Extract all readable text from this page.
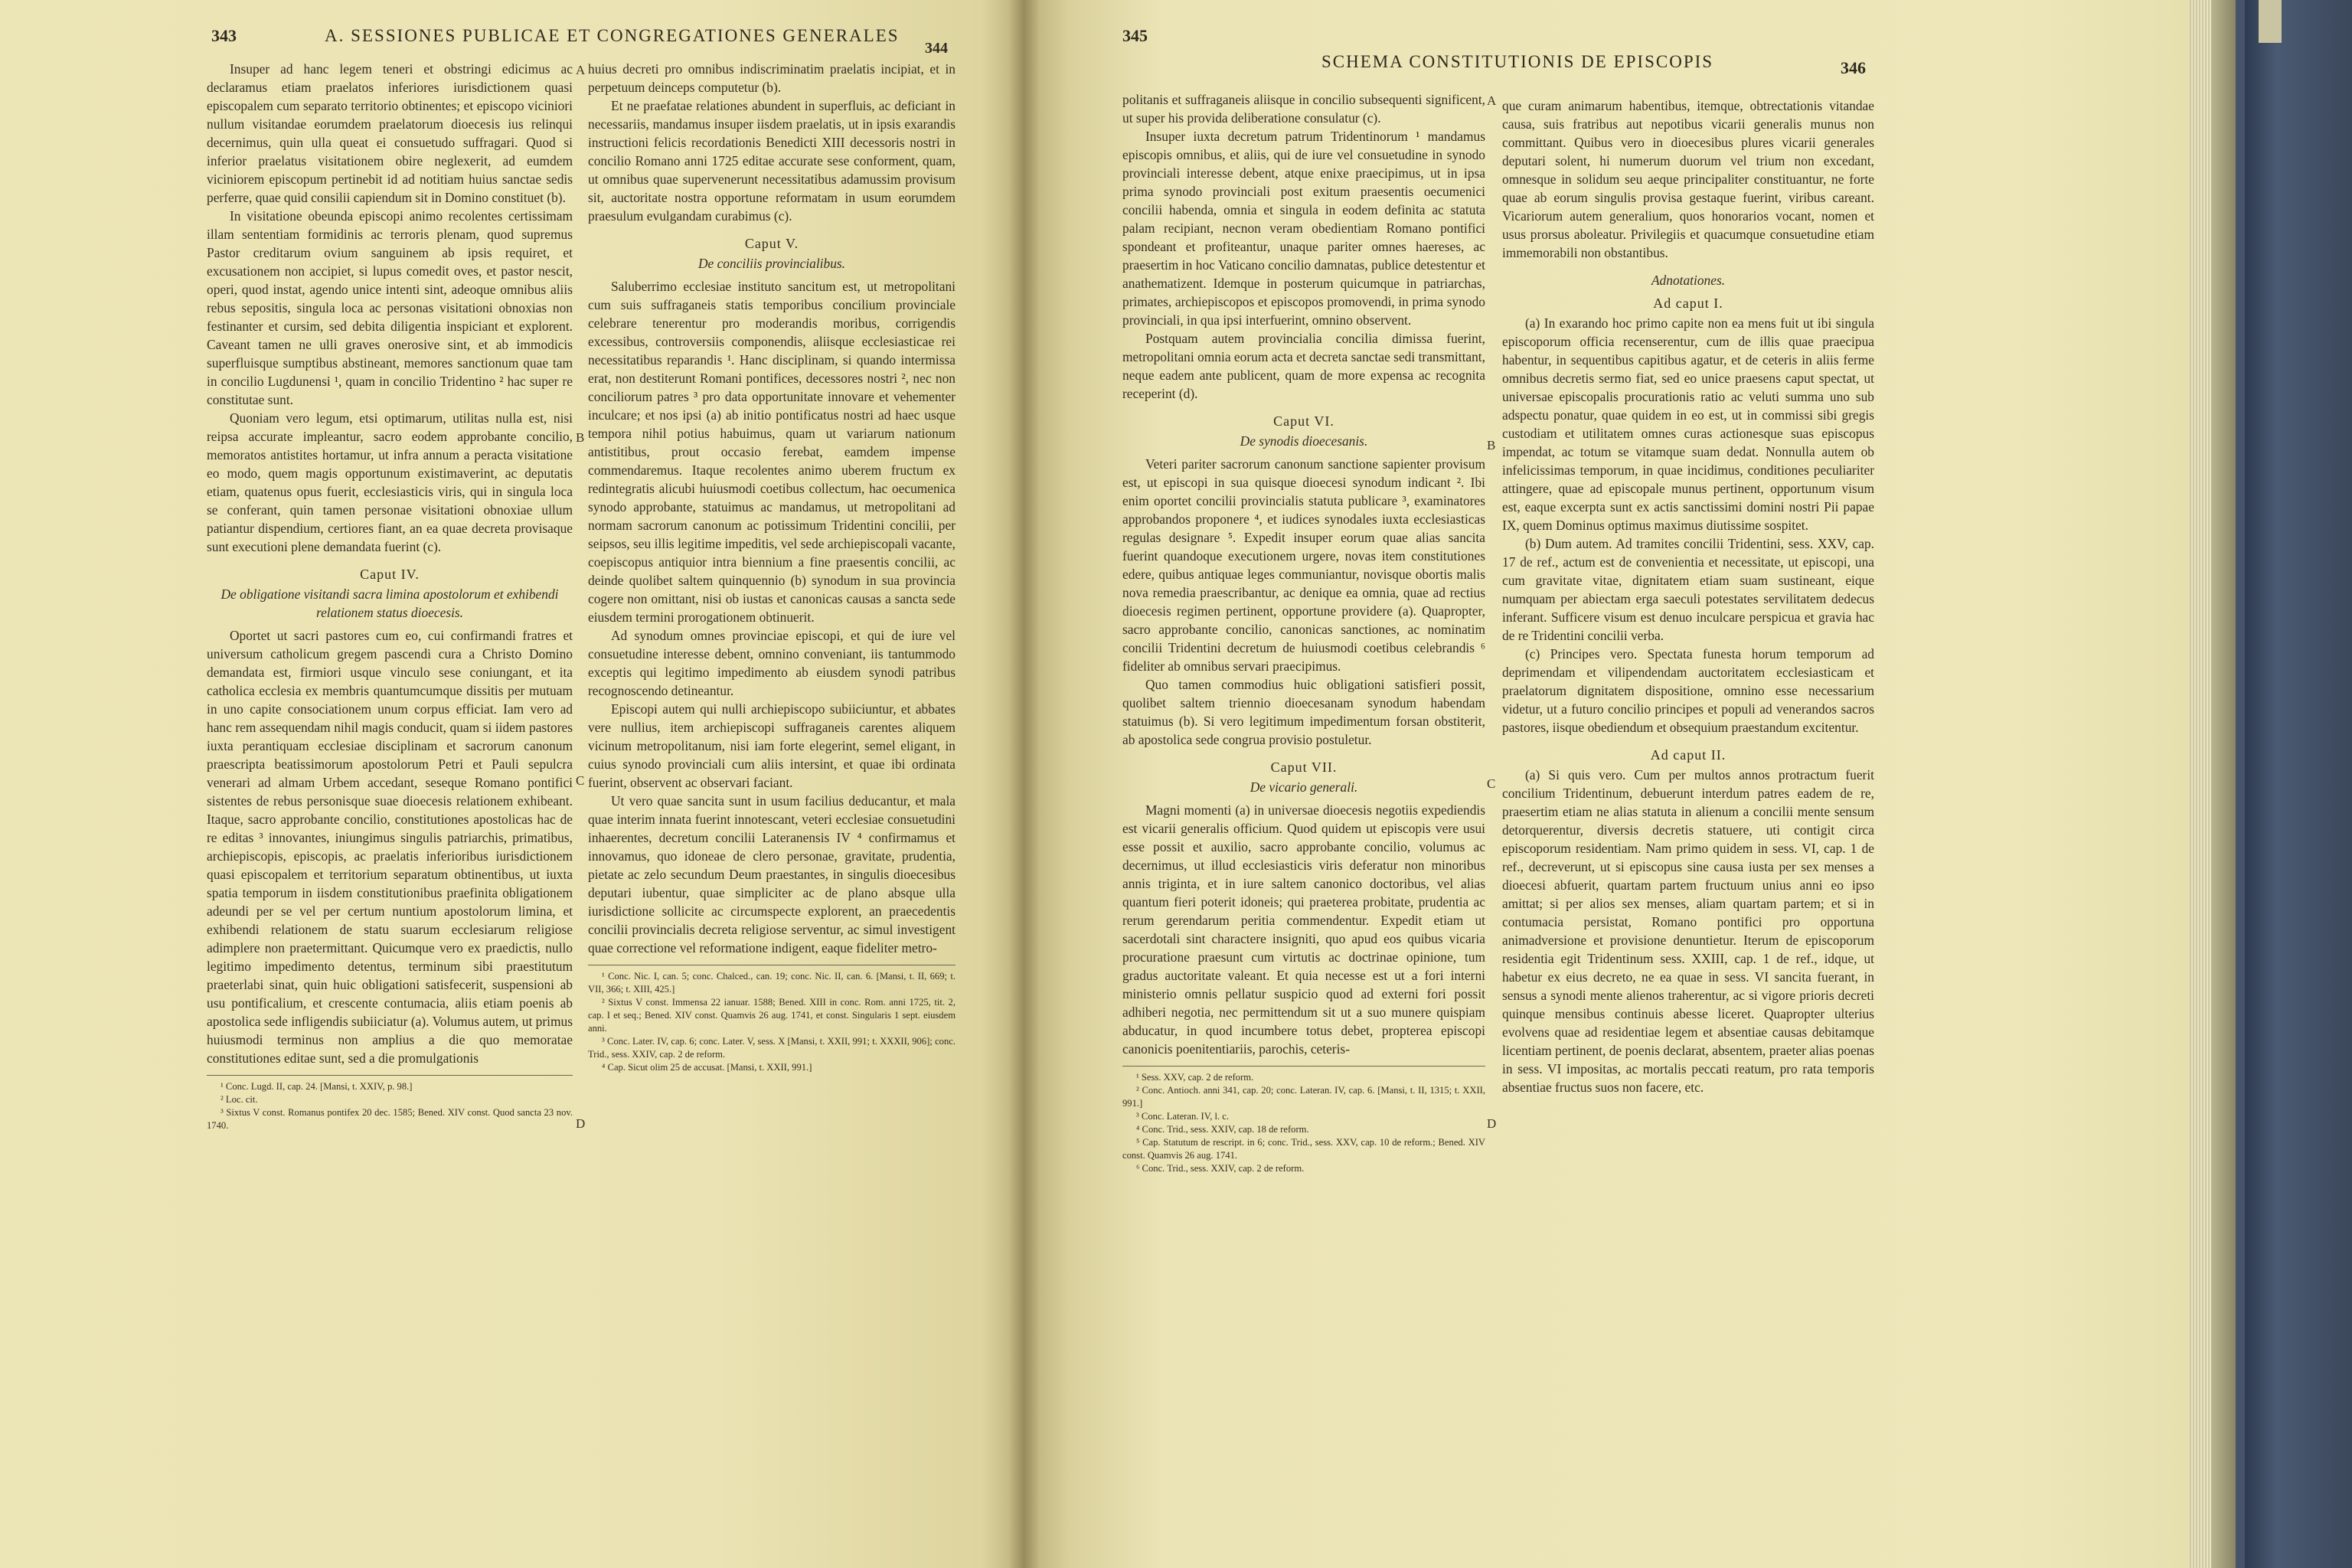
343	A. SESSIONES PUBLICAE ET CONGREGATIONES GENERALES
344

Insuper ad hanc legem teneri et obstringi edicimus ac declaramus etiam praelatos inferiores iurisdictionem quasi episcopalem cum separato territorio obtinentes; et episcopo viciniori nullum visitandae eorumdem praelatorum dioecesis ius relinqui decernimus, quin ulla queat ei consuetudo suffragari. Quod si inferior praelatus visitationem obire neglexerit, ad eumdem viciniorem episcopum pertinebit id ad notitiam huius sanctae sedis perferre, quae quid consilii capiendum sit in Domino constituet (b).

In visitatione obeunda episcopi animo recolentes certissimam illam sententiam formidinis ac terroris plenam, quod supremus Pastor creditarum ovium sanguinem ab ipsis requiret, et excusationem non accipiet, si lupus comedit oves, et pastor nescit, operi, quod instat, agendo unice intenti sint, adeoque omnibus aliis rebus sepositis, singula loca ac personas visitationi obnoxias non festinanter et cursim, sed debita diligentia inspiciant et explorent. Caveant tamen ne ulli graves onerosive sint, et ab immodicis superfluisque sumptibus abstineant, memores sanctionum quae tam in concilio Lugdunensi ¹, quam in concilio Tridentino ² hac super re constitutae sunt.

Quoniam vero legum, etsi optimarum, utilitas nulla est, nisi reipsa accurate impleantur, sacro eodem approbante concilio, memoratos antistites hortamur, ut infra annum a peracta visitatione eo modo, quem magis opportunum existimaverint, ac deputatis etiam, quatenus opus fuerit, ecclesiasticis viris, qui in singula loca se conferant, quin tamen personae visitationi obnoxiae ullum patiantur dispendium, certiores fiant, an ea quae decreta provisaque sunt executioni plene demandata fuerint (c).

Caput IV.
De obligatione visitandi sacra limina apostolorum et exhibendi relationem status dioecesis.

Oportet ut sacri pastores cum eo, cui confirmandi fratres et universum catholicum gregem pascendi cura a Christo Domino demandata est, firmiori usque vinculo sese coniungant, et ita catholica ecclesia ex membris quantumcumque dissitis per mutuam in uno capite consociationem unum corpus efficiat. Iam vero ad hanc rem assequendam nihil magis conducit, quam si iidem pastores iuxta perantiquam ecclesiae disciplinam et sacrorum canonum praescripta beatissimorum apostolorum Petri et Pauli sepulcra venerari ad almam Urbem accedant, seseque Romano pontifici sistentes de rebus personisque suae dioecesis relationem exhibeant. Itaque, sacro approbante concilio, constitutiones apostolicas hac de re editas ³ innovantes, iniungimus singulis patriarchis, primatibus, archiepiscopis, episcopis, ac praelatis inferioribus iurisdictionem quasi episcopalem et territorium separatum obtinentibus, ut iuxta spatia temporum in iisdem constitutionibus praefinita obligationem adeundi per se vel per certum nuntium apostolorum limina, et exhibendi relationem de statu suarum ecclesiarum religiose adimplere non praetermittant. Quicumque vero ex praedictis, nullo legitimo impedimento detentus, terminum sibi praestitutum praeterlabi sinat, quin huic obligationi satisfecerit, suspensioni ab usu pontificalium, et crescente contumacia, aliis etiam poenis ab apostolica sede infligendis subiiciatur (a). Volumus autem, ut primus huiusmodi terminus non amplius a die quo memoratae constitutiones editae sunt, sed a die promulgationis

¹ Conc. Lugd. II, cap. 24. [Mansi, t. XXIV, p. 98.]
² Loc. cit.
³ Sixtus V const. Romanus pontifex 20 dec. 1585; Bened. XIV const. Quod sancta 23 nov. 1740.

huius decreti pro omnibus indiscriminatim praelatis incipiat, et in perpetuum deinceps computetur (b).

Et ne praefatae relationes abundent in superfluis, ac deficiant in necessariis, mandamus insuper iisdem praelatis, ut in ipsis exarandis instructioni felicis recordationis Benedicti XIII decessoris nostri in concilio Romano anni 1725 editae accurate sese conforment, quam, ut omnibus quae supervenerunt necessitatibus adamussim provisum sit, auctoritate nostra opportune reformatam in usum eorumdem praesulum evulgandam curabimus (c).

Caput V.
De conciliis provincialibus.

Saluberrimo ecclesiae instituto sancitum est, ut metropolitani cum suis suffraganeis statis temporibus concilium provinciale celebrare tenerentur pro moderandis moribus, corrigendis excessibus, controversiis componendis, aliisque ecclesiasticae rei necessitatibus reparandis ¹. Hanc disciplinam, si quando intermissa erat, non destiterunt Romani pontifices, decessores nostri ², nec non conciliorum patres ³ pro data opportunitate innovare et vehementer inculcare; et nos ipsi (a) ab initio pontificatus nostri ad haec usque tempora nihil potius habuimus, quam ut variarum nationum antistitibus, prout occasio ferebat, eamdem impense commendaremus. Itaque recolentes animo uberem fructum ex redintegratis alicubi huiusmodi coetibus collectum, hac oecumenica synodo approbante, statuimus ac mandamus, ut metropolitani ad normam sacrorum canonum ac potissimum Tridentini concilii, per seipsos, seu illis legitime impeditis, vel sede archiepiscopali vacante, coepiscopus antiquior intra biennium a fine praesentis concilii, ac deinde quolibet saltem quinquennio (b) synodum in sua provincia cogere non omittant, nisi ob iustas et canonicas causas a sancta sede eiusdem termini prorogationem obtinuerit.

Ad synodum omnes provinciae episcopi, et qui de iure vel consuetudine interesse debent, omnino conveniant, iis tantummodo exceptis qui legitimo impedimento ab eiusdem synodi patribus recognoscendo detineantur.

Episcopi autem qui nulli archiepiscopo subiiciuntur, et abbates vere nullius, item archiepiscopi suffraganeis carentes aliquem vicinum metropolitanum, nisi iam forte elegerint, semel eligant, in cuius synodo provinciali cum aliis intersint, et quae ibi ordinata fuerint, observent ac observari faciant.

Ut vero quae sancita sunt in usum facilius deducantur, et mala quae interim innata fuerint innotescant, veteri ecclesiae consuetudini inhaerentes, decretum concilii Lateranensis IV ⁴ confirmamus et innovamus, quo idoneae de clero personae, gravitate, prudentia, pietate ac zelo secundum Deum praestantes, in singulis dioecesibus deputari iubentur, quae simpliciter ac de plano absque ulla iurisdictione sollicite ac circumspecte explorent, an praecedentis concilii provincialis decreta religiose serventur, ac simul investigent quae correctione vel reformatione indigent, eaque fideliter metro-

¹ Conc. Nic. I, can. 5; conc. Chalced., can. 19; conc. Nic. II, can. 6. [Mansi, t. II, 669; t. VII, 366; t. XIII, 425.]
² Sixtus V const. Immensa 22 ianuar. 1588; Bened. XIII in conc. Rom. anni 1725, tit. 2, cap. I et seq.; Bened. XIV const. Quamvis 26 aug. 1741, et const. Singularis 1 sept. eiusdem anni.
³ Conc. Later. IV, cap. 6; conc. Later. V, sess. X [Mansi, t. XXII, 991; t. XXXII, 906]; conc. Trid., sess. XXIV, cap. 2 de reform.
⁴ Cap. Sicut olim 25 de accusat. [Mansi, t. XXII, 991.]
A
B
C
D
345
SCHEMA CONSTITUTIONIS DE EPISCOPIS	346

politanis et suffraganeis aliisque in concilio subsequenti significent, ut super his provida deliberatione consulatur (c).

Insuper iuxta decretum patrum Tridentinorum ¹ mandamus episcopis omnibus, et aliis, qui de iure vel consuetudine in synodo provinciali interesse debent, atque enixe praecipimus, ut in ipsa prima synodo provinciali post exitum praesentis oecumenici concilii habenda, omnia et singula in eodem definita ac statuta palam recipiant, necnon veram obedientiam Romano pontifici spondeant et profiteantur, unaque pariter omnes haereses, ac praesertim in hoc Vaticano concilio damnatas, publice detestentur et anathematizent. Idemque in posterum quicumque in patriarchas, primates, archiepiscopos et episcopos promovendi, in prima synodo provinciali, in qua ipsi interfuerint, omnino observent.

Postquam autem provincialia concilia dimissa fuerint, metropolitani omnia eorum acta et decreta sanctae sedi transmittant, neque eadem ante publicent, quam de more expensa ac recognita receperint (d).

Caput VI.
De synodis dioecesanis.

Veteri pariter sacrorum canonum sanctione sapienter provisum est, ut episcopi in sua quisque dioecesi synodum indicant ². Ibi enim oportet concilii provincialis statuta publicare ³, examinatores approbandos proponere ⁴, et iudices synodales iuxta ecclesiasticas regulas designare ⁵. Expedit insuper eorum quae alias sancita fuerint quandoque executionem urgere, novas item constitutiones edere, quibus antiquae leges communiantur, novisque obortis malis nova remedia praescribantur, ac denique ea omnia, quae ad rectius dioecesis regimen pertinent, opportune providere (a). Quapropter, sacro approbante concilio, canonicas sanctiones, ac nominatim concilii Tridentini decretum de huiusmodi coetibus celebrandis ⁶ fideliter ab omnibus servari praecipimus.

Quo tamen commodius huic obligationi satisfieri possit, quolibet saltem triennio dioecesanam synodum habendam statuimus (b). Si vero legitimum impedimentum forsan obstiterit, ab apostolica sede congrua provisio postuletur.

Caput VII.
De vicario generali.

Magni momenti (a) in universae dioecesis negotiis expediendis est vicarii generalis officium. Quod quidem ut episcopis vere usui esse possit et auxilio, sacro approbante concilio, volumus ac decernimus, ut illud ecclesiasticis viris deferatur non minoribus annis triginta, et in iure saltem canonico doctoribus, vel alias quantum fieri poterit idoneis; qui praeterea probitate, prudentia ac rerum gerendarum peritia commendentur. Expedit etiam ut sacerdotali sint charactere insigniti, quo apud eos quibus vicaria procuratione praesunt cum virtutis ac doctrinae opinione, tum gradus auctoritate valeant. Et quia necesse est ut a fori interni ministerio omnis pellatur suspicio quod ad externi fori possit adhiberi negotia, nec permittendum sit ut a suo munere quispiam abducatur, in quod incumbere totus debet, propterea episcopi canonicis poenitentiariis, parochis, ceteris-

¹ Sess. XXV, cap. 2 de reform.
² Conc. Antioch. anni 341, cap. 20; conc. Lateran. IV, cap. 6. [Mansi, t. II, 1315; t. XXII, 991.]
³ Conc. Lateran. IV, l. c.
⁴ Conc. Trid., sess. XXIV, cap. 18 de reform.
⁵ Cap. Statutum de rescript. in 6; conc. Trid., sess. XXV, cap. 10 de reform.; Bened. XIV const. Quamvis 26 aug. 1741.
⁶ Conc. Trid., sess. XXIV, cap. 2 de reform.

que curam animarum habentibus, itemque, obtrectationis vitandae causa, suis fratribus aut nepotibus vicarii generalis munus non committant. Quibus vero in dioecesibus plures vicarii generales deputari solent, hi numerum duorum vel trium non excedant, omnesque in solidum seu aeque principaliter constituantur, ne forte quae ab eorum singulis provisa gestaque fuerint, viribus careant. Vicariorum autem generalium, quos honorarios vocant, nomen et usus prorsus aboleatur. Privilegiis et quacumque consuetudine etiam immemorabili non obstantibus.

Adnotationes.
Ad caput I.

(a) In exarando hoc primo capite non ea mens fuit ut ibi singula episcoporum officia recenserentur, cum de illis quae praecipua habentur, in sequentibus capitibus agatur, et de ceteris in aliis ferme omnibus decretis sermo fiat, sed eo unice praesens caput spectat, ut universae episcopalis procurationis ratio ac veluti summa uno sub adspectu ponatur, quae quidem in eo est, ut in commissi sibi gregis custodiam et utilitatem omnes curas actionesque suas episcopus impendat, ac totum se vitamque suam dedat. Nonnulla autem ob infelicissimas temporum, in quae incidimus, conditiones peculiariter attingere, quae ad episcopale munus pertinent, opportunum visum est, eaque excerpta sunt ex actis sanctissimi domini nostri Pii papae IX, quem Dominus optimus maximus diutissime sospitet.

(b) Dum autem. Ad tramites concilii Tridentini, sess. XXV, cap. 17 de ref., actum est de convenientia et necessitate, ut episcopi, una cum gravitate vitae, dignitatem etiam suam sustineant, eique numquam per abiectam erga saeculi potestates servilitatem dedecus inferant. Sufficere visum est denuo inculcare perspicua et gravia hac de re Tridentini concilii verba.

(c) Principes vero. Spectata funesta horum temporum ad deprimendam et vilipendendam auctoritatem ecclesiasticam et praelatorum dignitatem dispositione, omnino esse necessarium videtur, ut a futuro concilio principes et populi ad venerandos sacros pastores, iisque obediendum et obsequium praestandum excitentur.

Ad caput II.

(a) Si quis vero. Cum per multos annos protractum fuerit concilium Tridentinum, debuerunt interdum patres eadem de re, praesertim etiam ne alias statuta in alienum a concilii mente sensum detorquerentur, diversis decretis statuere, uti contigit circa episcoporum residentiam. Nam primo quidem in sess. VI, cap. 1 de ref., decreverunt, ut si episcopus sine causa iusta per sex menses a dioecesi abfuerit, quartam partem fructuum unius anni eo ipso amittat; si per alios sex menses, aliam quartam partem; et si in contumacia persistat, Romano pontifici pro opportuna animadversione et provisione denuntietur. Iterum de episcoporum residentia egit Tridentinum sess. XXIII, cap. 1 de ref., idque, ut habetur ex eius decreto, ne ea quae in sess. VI sancita fuerant, in sensus a synodi mente alienos traherentur, ac si vigore prioris decreti quinque mensibus continuis abesse liceret. Quapropter ulterius evolvens quae ad residentiae legem et absentiae causas debitamque licentiam pertinent, de poenis declarat, absentem, praeter alias poenas in sess. VI impositas, ac mortalis peccati reatum, pro rata temporis absentiae fructus suos non facere, etc.

A
B
C
D
